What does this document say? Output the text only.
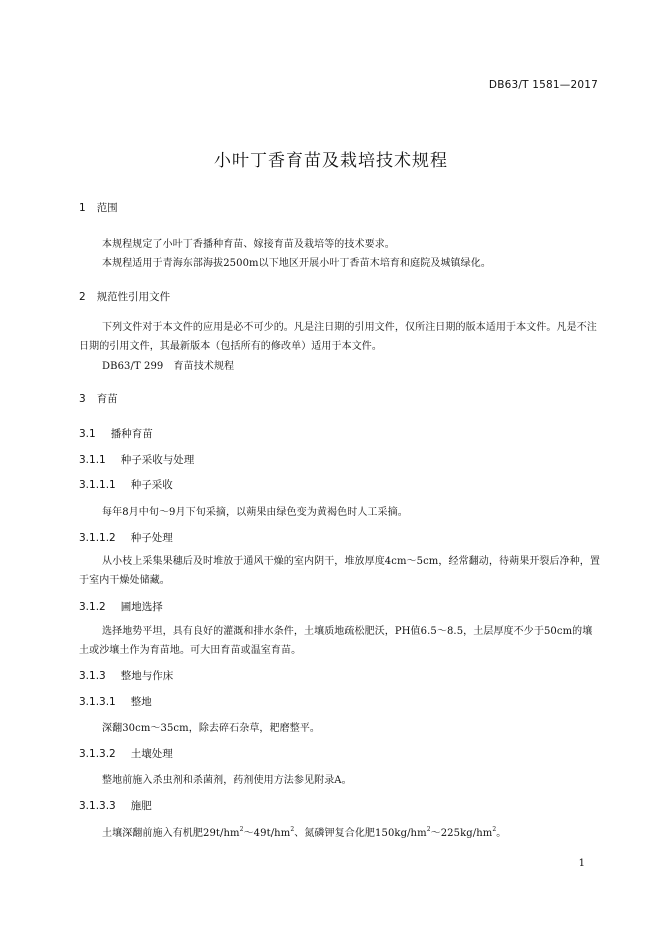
DB63/T 1581—2017
小叶丁香育苗及栽培技术规程
1 范围
本规程规定了小叶丁香播种育苗、嫁接育苗及栽培等的技术要求。
本规程适用于青海东部海拔2500m以下地区开展小叶丁香苗木培育和庭院及城镇绿化。
2 规范性引用文件
下列文件对于本文件的应用是必不可少的。凡是注日期的引用文件，仅所注日期的版本适用于本文件。凡是不注日期的引用文件，其最新版本（包括所有的修改单）适用于本文件。
DB63/T 299　育苗技术规程
3 育苗
3.1 播种育苗
3.1.1 种子采收与处理
3.1.1.1 种子采收
每年8月中旬～9月下旬采摘，以蒴果由绿色变为黄褐色时人工采摘。
3.1.1.2 种子处理
从小枝上采集果穗后及时堆放于通风干燥的室内阴干，堆放厚度4cm～5cm，经常翻动，待蒴果开裂后净种，置于室内干燥处储藏。
3.1.2 圃地选择
选择地势平坦，具有良好的灌溉和排水条件，土壤质地疏松肥沃，PH值6.5～8.5，土层厚度不少于50cm的壤土或沙壤土作为育苗地。可大田育苗或温室育苗。
3.1.3 整地与作床
3.1.3.1 整地
深翻30cm～35cm，除去碎石杂草，耙磨整平。
3.1.3.2 土壤处理
整地前施入杀虫剂和杀菌剂，药剂使用方法参见附录A。
3.1.3.3 施肥
土壤深翻前施入有机肥$29t/hm^2\sim 49t/hm^2$、氮磷钾复合化肥$150kg/hm^2\sim 225kg/hm^2$。
1
